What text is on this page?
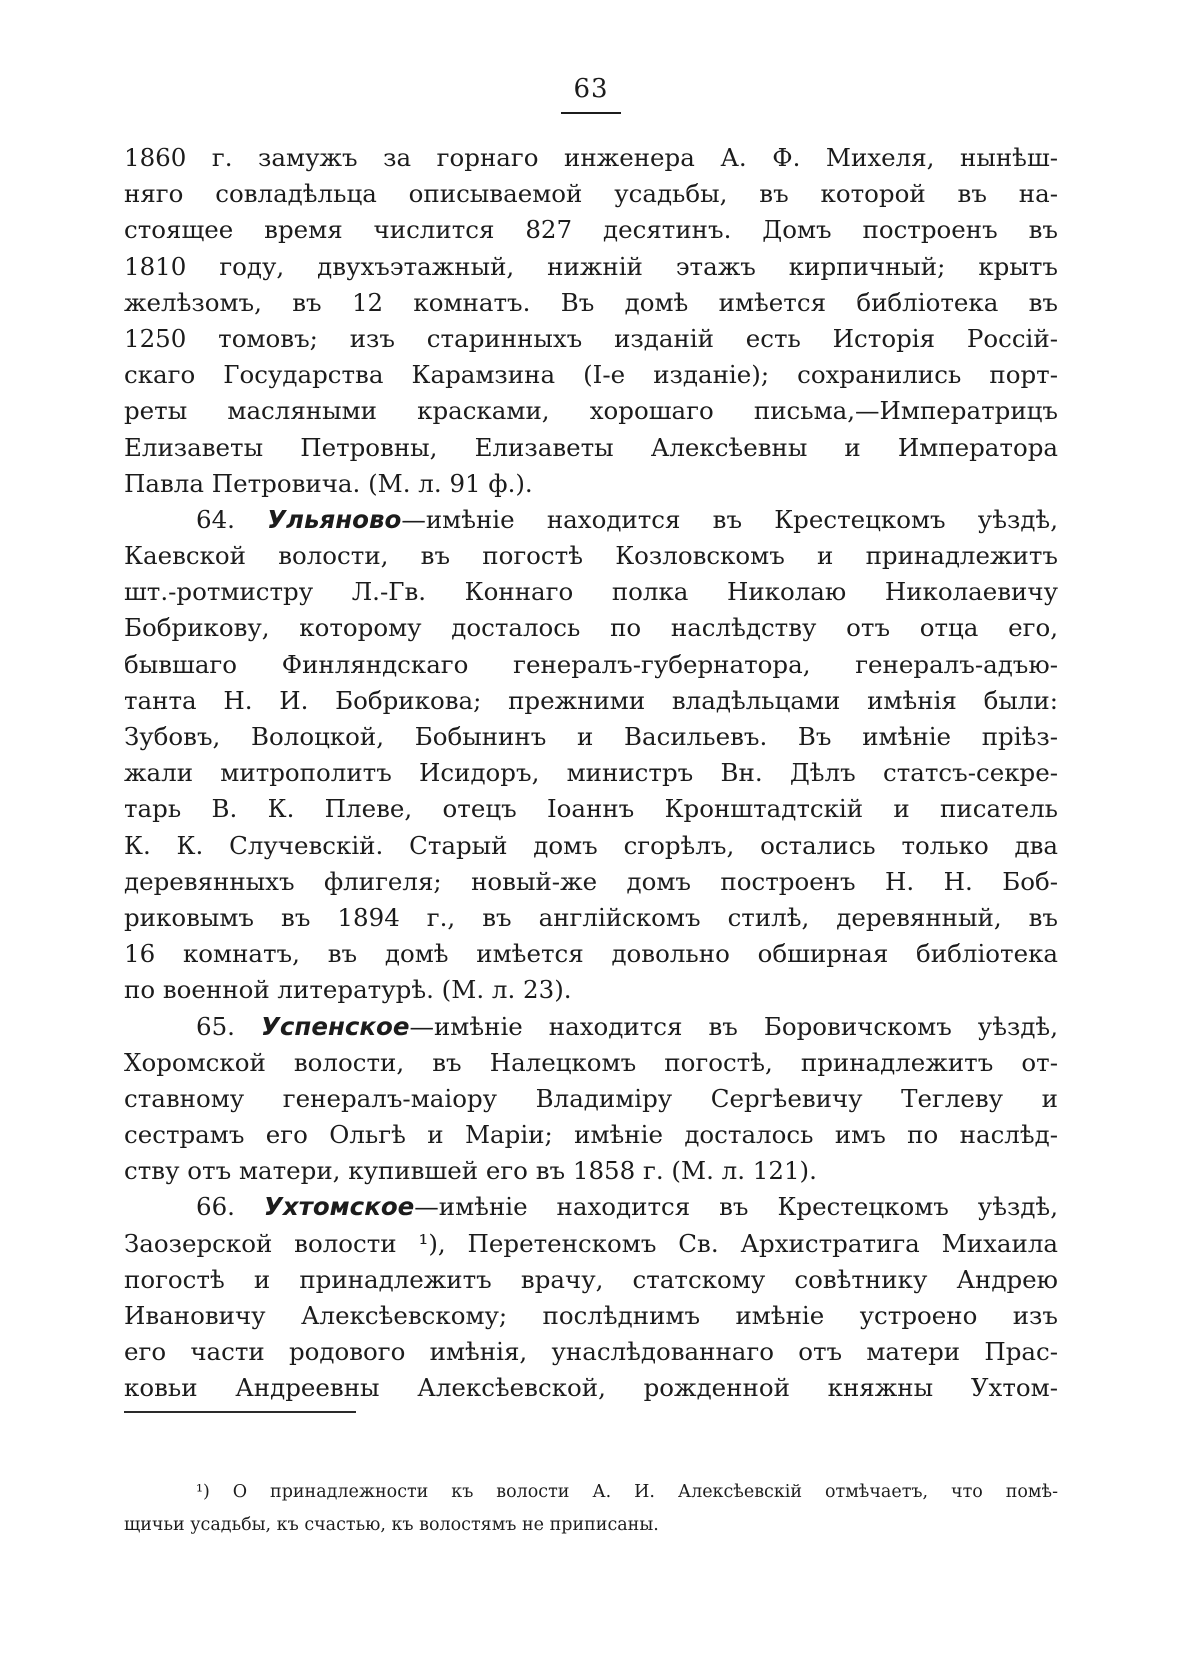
63
1860 г. замужъ за горнаго инженера А. Ф. Михеля, нынѣш-
няго совладѣльца описываемой усадьбы, въ которой въ на-
стоящее время числится 827 десятинъ. Домъ построенъ въ
1810 году, двухъэтажный, нижній этажъ кирпичный; крытъ
желѣзомъ, въ 12 комнатъ. Въ домѣ имѣется библіотека въ
1250 томовъ; изъ старинныхъ изданій есть Исторія Россій-
скаго Государства Карамзина (I-е изданіе); сохранились порт-
реты масляными красками, хорошаго письма,—Императрицъ
Елизаветы Петровны, Елизаветы Алексѣевны и Императора
Павла Петровича. (М. л. 91 ф.).
64. Ульяново—имѣніе находится въ Крестецкомъ уѣздѣ,
Каевской волости, въ погостѣ Козловскомъ и принадлежитъ
шт.-ротмистру Л.-Гв. Коннаго полка Николаю Николаевичу
Бобрикову, которому досталось по наслѣдству отъ отца его,
бывшаго Финляндскаго генералъ-губернатора, генералъ-адъю-
танта Н. И. Бобрикова; прежними владѣльцами имѣнія были:
Зубовъ, Волоцкой, Бобынинъ и Васильевъ. Въ имѣніе пріѣз-
жали митрополитъ Исидоръ, министръ Вн. Дѣлъ статсъ-секре-
тарь В. К. Плеве, отецъ Іоаннъ Кронштадтскій и писатель
К. К. Случевскій. Старый домъ сгорѣлъ, остались только два
деревянныхъ флигеля; новый-же домъ построенъ Н. Н. Боб-
риковымъ въ 1894 г., въ англійскомъ стилѣ, деревянный, въ
16 комнатъ, въ домѣ имѣется довольно обширная библіотека
по военной литературѣ. (М. л. 23).
65. Успенское—имѣніе находится въ Боровичскомъ уѣздѣ,
Хоромской волости, въ Налецкомъ погостѣ, принадлежитъ от-
ставному генералъ-маіору Владиміру Сергѣевичу Теглеву и
сестрамъ его Ольгѣ и Маріи; имѣніе досталось имъ по наслѣд-
ству отъ матери, купившей его въ 1858 г. (М. л. 121).
66. Ухтомское—имѣніе находится въ Крестецкомъ уѣздѣ,
Заозерской волости ¹), Перетенскомъ Св. Архистратига Михаила
погостѣ и принадлежитъ врачу, статскому совѣтнику Андрею
Ивановичу Алексѣевскому; послѣднимъ имѣніе устроено изъ
его части родового имѣнія, унаслѣдованнаго отъ матери Прас-
ковьи Андреевны Алексѣевской, рожденной княжны Ухтом-
¹) О принадлежности къ волости А. И. Алексѣевскій отмѣчаетъ, что помѣ-
щичьи усадьбы, къ счастью, къ волостямъ не приписаны.
